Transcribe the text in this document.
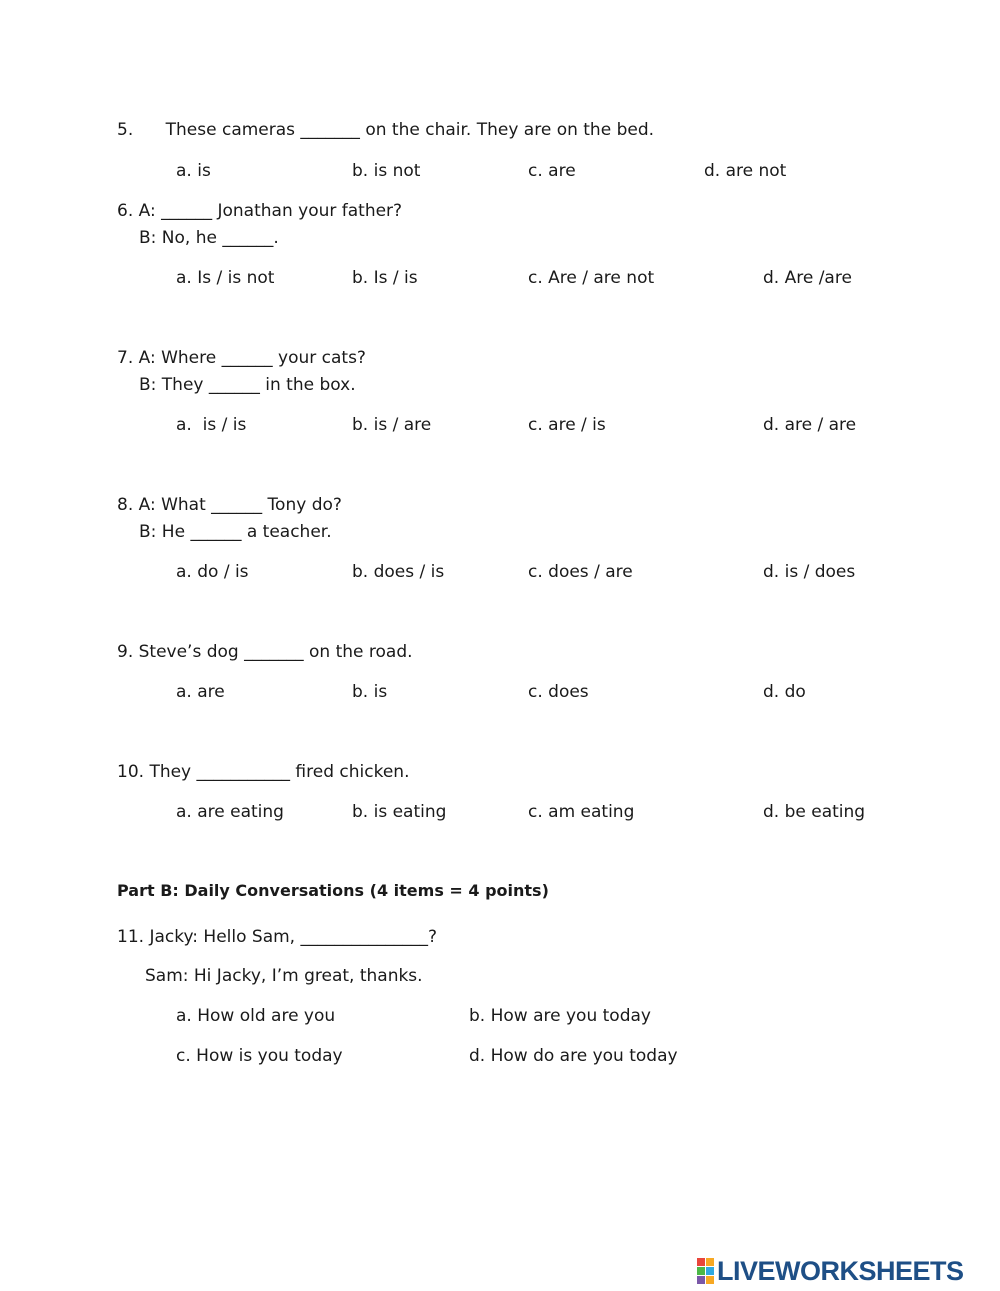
5.      These cameras _______ on the chair. They are on the bed.
a. is	b. is not	c. are	d. are not
6. A: ______ Jonathan your father?
B: No, he ______.
a. Is / is not	b. Is / is	c. Are / are not	d. Are /are
7. A: Where ______ your cats?
B: They ______ in the box.
a.  is / is	b. is / are	c. are / is	d. are / are
8. A: What ______ Tony do?
B: He ______ a teacher.
a. do / is	b. does / is	c. does / are	d. is / does
9. Steve’s dog _______ on the road.
a. are	b. is	c. does	d. do
10. They ___________ fired chicken.
a. are eating	b. is eating	c. am eating	d. be eating
Part B: Daily Conversations (4 items = 4 points)
11. Jacky: Hello Sam, _______________?
Sam: Hi Jacky, I’m great, thanks.
a. How old are you	b. How are you today
c. How is you today	d. How do are you today
LIVEWORKSHEETS
